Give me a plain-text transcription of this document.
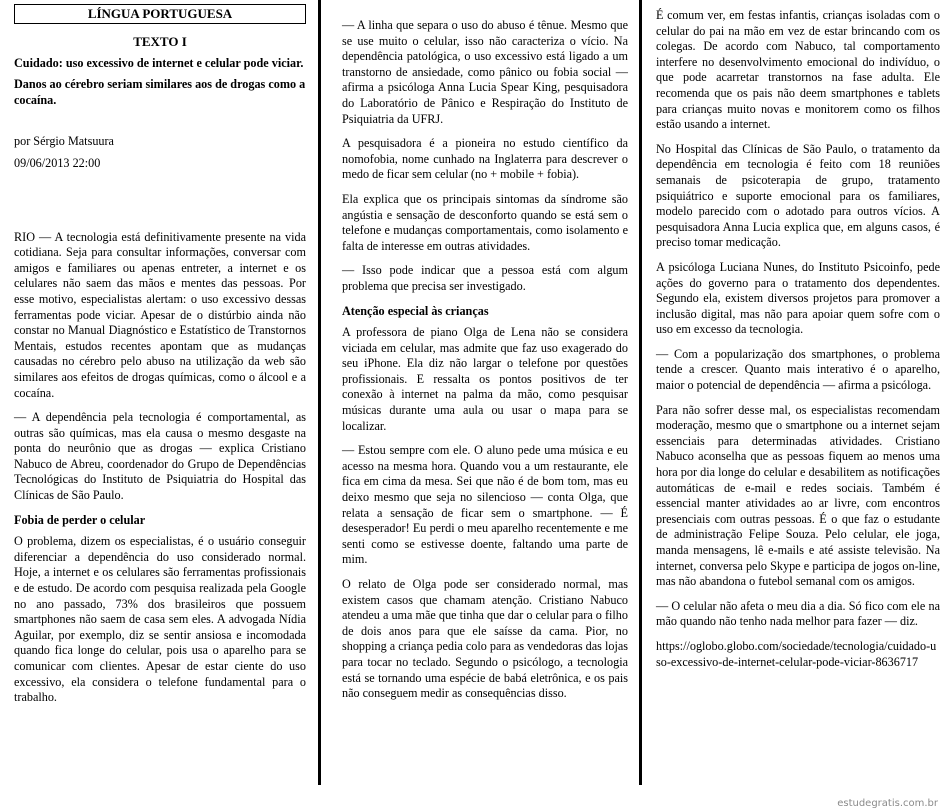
LÍNGUA PORTUGUESA
TEXTO I

Cuidado: uso excessivo de internet e celular pode viciar.

Danos ao cérebro seriam similares aos de drogas como a cocaína.

por Sérgio Matsuura

09/06/2013 22:00

RIO — A tecnologia está definitivamente presente na vida cotidiana. Seja para consultar informações, conversar com amigos e familiares ou apenas entreter, a internet e os celulares não saem das mãos e mentes das pessoas. Por esse motivo, especialistas alertam: o uso excessivo dessas ferramentas pode viciar. Apesar de o distúrbio ainda não constar no Manual Diagnóstico e Estatístico de Transtornos Mentais, estudos recentes apontam que as mudanças causadas no cérebro pelo abuso na utilização da web são similares aos efeitos de drogas químicas, como o álcool e a cocaína.

— A dependência pela tecnologia é comportamental, as outras são químicas, mas ela causa o mesmo desgaste na ponta do neurônio que as drogas — explica Cristiano Nabuco de Abreu, coordenador do Grupo de Dependências Tecnológicas do Instituto de Psiquiatria do Hospital das Clínicas de São Paulo.

Fobia de perder o celular

O problema, dizem os especialistas, é o usuário conseguir diferenciar a dependência do uso considerado normal. Hoje, a internet e os celulares são ferramentas profissionais e de estudo. De acordo com pesquisa realizada pela Google no ano passado, 73% dos brasileiros que possuem smartphones não saem de casa sem eles. A advogada Nídia Aguilar, por exemplo, diz se sentir ansiosa e incomodada quando fica longe do celular, pois usa o aparelho para se comunicar com clientes. Apesar de estar ciente do uso excessivo, ela considera o telefone fundamental para o trabalho.

— A linha que separa o uso do abuso é tênue. Mesmo que se use muito o celular, isso não caracteriza o vício. Na dependência patológica, o uso excessivo está ligado a um transtorno de ansiedade, como pânico ou fobia social — afirma a psicóloga Anna Lucia Spear King, pesquisadora do Laboratório de Pânico e Respiração do Instituto de Psiquiatria da UFRJ.

A pesquisadora é a pioneira no estudo científico da nomofobia, nome cunhado na Inglaterra para descrever o medo de ficar sem celular (no + mobile + fobia).

Ela explica que os principais sintomas da síndrome são angústia e sensação de desconforto quando se está sem o telefone e mudanças comportamentais, como isolamento e falta de interesse em outras atividades.

— Isso pode indicar que a pessoa está com algum problema que precisa ser investigado.

Atenção especial às crianças

A professora de piano Olga de Lena não se considera viciada em celular, mas admite que faz uso exagerado do seu iPhone. Ela diz não largar o telefone por questões profissionais. E ressalta os pontos positivos de ter conexão à internet na palma da mão, como pesquisar músicas durante uma aula ou usar o mapa para se localizar.

— Estou sempre com ele. O aluno pede uma música e eu acesso na mesma hora. Quando vou a um restaurante, ele fica em cima da mesa. Sei que não é de bom tom, mas eu deixo mesmo que seja no silencioso — conta Olga, que relata a sensação de ficar sem o smartphone. — É desesperador! Eu perdi o meu aparelho recentemente e me senti como se estivesse doente, faltando uma parte de mim.

O relato de Olga pode ser considerado normal, mas existem casos que chamam atenção. Cristiano Nabuco atendeu a uma mãe que tinha que dar o celular para o filho de dois anos para que ele saísse da cama. Pior, no shopping a criança pedia colo para as vendedoras das lojas para tocar no teclado. Segundo o psicólogo, a tecnologia está se tornando uma espécie de babá eletrônica, e os pais não conseguem medir as consequências disso.

É comum ver, em festas infantis, crianças isoladas com o celular do pai na mão em vez de estar brincando com os colegas. De acordo com Nabuco, tal comportamento interfere no desenvolvimento emocional do indivíduo, o que pode acarretar transtornos na fase adulta. Ele recomenda que os pais não deem smartphones e tablets para crianças muito novas e monitorem como os filhos estão usando a internet.

No Hospital das Clínicas de São Paulo, o tratamento da dependência em tecnologia é feito com 18 reuniões semanais de psicoterapia de grupo, tratamento psiquiátrico e suporte emocional para os familiares, modelo parecido com o adotado para outros vícios. A pesquisadora Anna Lucia explica que, em alguns casos, é preciso tomar medicação.

A psicóloga Luciana Nunes, do Instituto Psicoinfo, pede ações do governo para o tratamento dos dependentes. Segundo ela, existem diversos projetos para promover a inclusão digital, mas não para apoiar quem sofre com o uso em excesso da tecnologia.

— Com a popularização dos smartphones, o problema tende a crescer. Quanto mais interativo é o aparelho, maior o potencial de dependência — afirma a psicóloga.

Para não sofrer desse mal, os especialistas recomendam moderação, mesmo que o smartphone ou a internet sejam essenciais para determinadas atividades. Cristiano Nabuco aconselha que as pessoas fiquem ao menos uma hora por dia longe do celular e desabilitem as notificações automáticas de e-mail e redes sociais. Também é essencial manter atividades ao ar livre, com encontros presenciais com outras pessoas. É o que faz o estudante de administração Felipe Souza. Pelo celular, ele joga, manda mensagens, lê e-mails e até assiste televisão. Na internet, conversa pelo Skype e participa de jogos on-line, mas não abandona o futebol semanal com os amigos.

— O celular não afeta o meu dia a dia. Só fico com ele na mão quando não tenho nada melhor para fazer — diz.

https://oglobo.globo.com/sociedade/tecnologia/cuidado-uso-excessivo-de-internet-celular-pode-viciar-8636717

estudegratis.com.br
